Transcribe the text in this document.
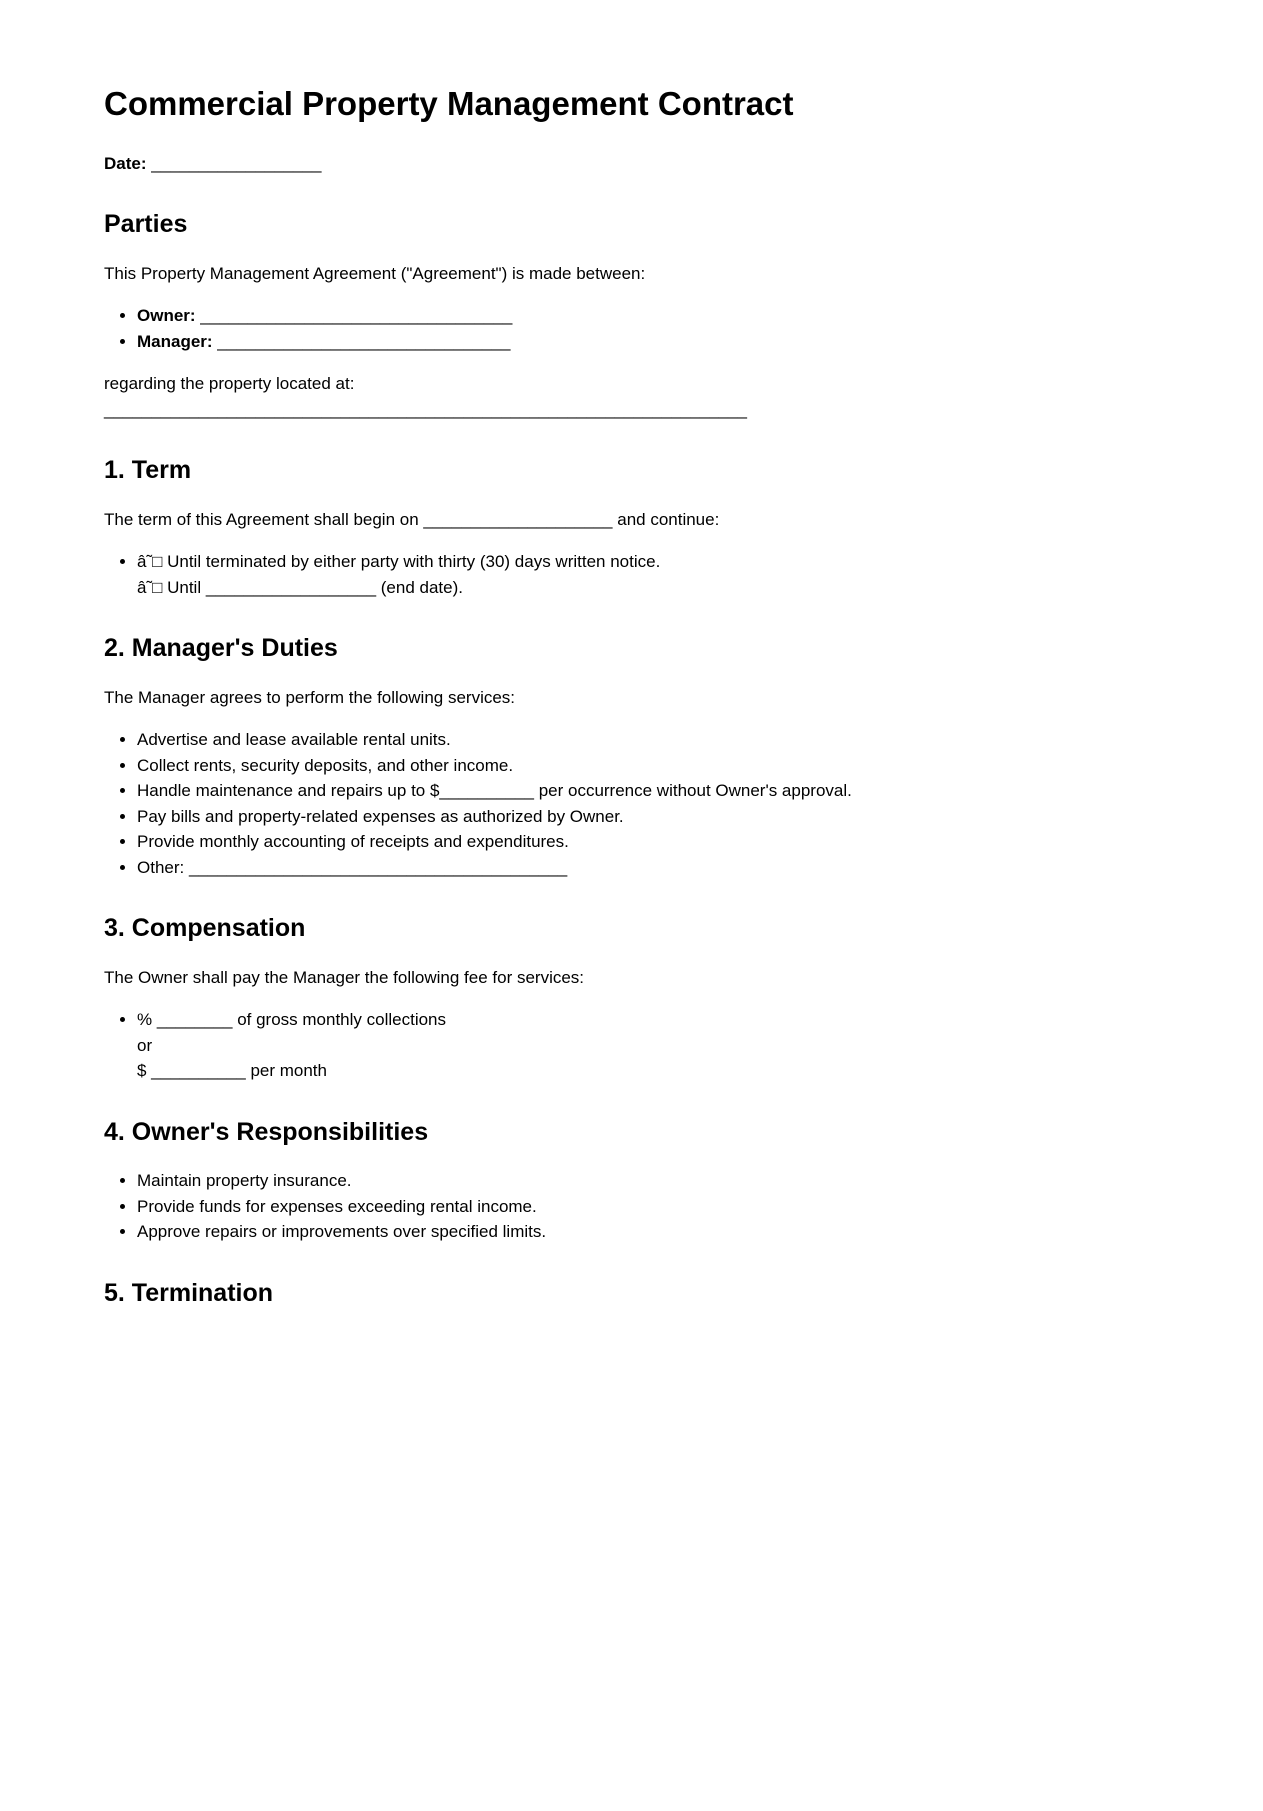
Commercial Property Management Contract

Date: __________________

Parties

This Property Management Agreement ("Agreement") is made between:

• Owner: _________________________________
• Manager: _______________________________

regarding the property located at:
____________________________________________________________________

1. Term

The term of this Agreement shall begin on ____________________ and continue:

• â˜□ Until terminated by either party with thirty (30) days written notice.
â˜□ Until __________________ (end date).
2. Manager's Duties

The Manager agrees to perform the following services:

• Advertise and lease available rental units.
• Collect rents, security deposits, and other income.
• Handle maintenance and repairs up to $__________ per occurrence without Owner's approval.
• Pay bills and property-related expenses as authorized by Owner.
• Provide monthly accounting of receipts and expenditures.
• Other: ________________________________________
3. Compensation

The Owner shall pay the Manager the following fee for services:

• % ________ of gross monthly collections
or
$ __________ per month
4. Owner's Responsibilities
• Maintain property insurance.
• Provide funds for expenses exceeding rental income.
• Approve repairs or improvements over specified limits.
5. Termination
